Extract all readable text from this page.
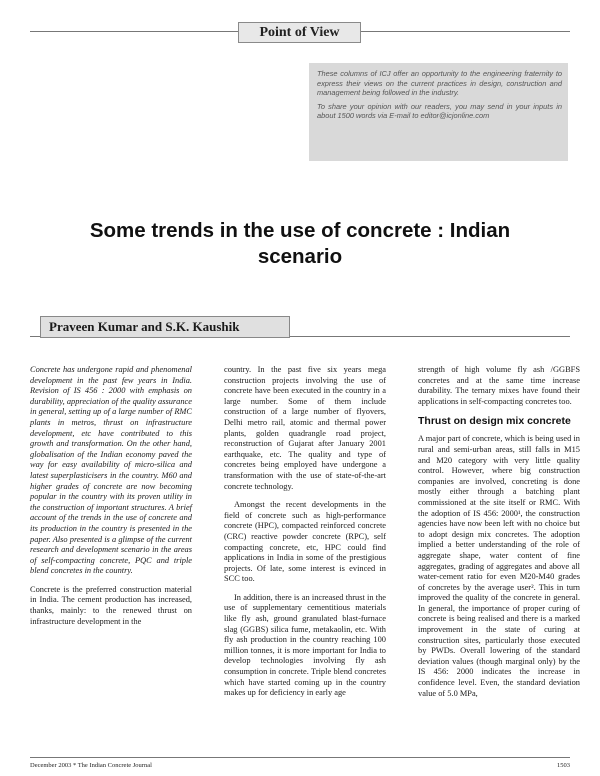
Point of View

These columns of ICJ offer an opportunity to the engineering fraternity to express their views on the current practices in design, construction and management being followed in the industry.

To share your opinion with our readers, you may send in your inputs in about 1500 words via E-mail to editor@icjonline.com

Some trends in the use of concrete : Indian scenario
Praveen Kumar and S.K. Kaushik

Concrete has undergone rapid and phenomenal development in the past few years in India. Revision of IS 456 : 2000 with emphasis on durability, appreciation of the quality assurance in general, setting up of a large number of RMC plants in metros, thrust on infrastructure development, etc have contributed to this growth and transformation. On the other hand, globalisation of the Indian economy paved the way for easy availability of micro-silica and latest superplasticisers in the country. M60 and higher grades of concrete are now becoming popular in the country with its proven utility in the construction of important structures. A brief account of the trends in the use of concrete and its production in the country is presented in the paper. Also presented is a glimpse of the current research and development scenario in the areas of self-compacting concrete, PQC and triple blend concretes in the country.

Concrete is the preferred construction material in India. The cement production has increased, thanks, mainly: to the renewed thrust on infrastructure development in the

country. In the past five six years mega construction projects involving the use of concrete have been executed in the country in a large number. Some of them include construction of a large number of flyovers, Delhi metro rail, atomic and thermal power plants, golden quadrangle road project, reconstruction of Gujarat after January 2001 earthquake, etc. The quality and type of concretes being employed have undergone a transformation with the use of state-of-the-art concrete technology.

Amongst the recent developments in the field of concrete such as high-performance concrete (HPC), compacted reinforced concrete (CRC) reactive powder concrete (RPC), self compacting concrete, etc, HPC could find applications in India in some of the prestigious projects. Of late, some interest is evinced in SCC too.

In addition, there is an increased thrust in the use of supplementary cementitious materials like fly ash, ground granulated blast-furnace slag (GGBS) silica fume, metakaolin, etc. With fly ash production in the country reaching 100 million tonnes, it is more important for India to develop technologies involving fly ash consumption in concrete. Triple blend concretes which have started coming up in the country makes up for deficiency in early age

strength of high volume fly ash /GGBFS concretes and at the same time increase durability. The ternary mixes have found their applications in self-compacting concretes too.

Thrust on design mix concrete

A major part of concrete, which is being used in rural and semi-urban areas, still falls in M15 and M20 category with very little quality control. However, where big construction companies are involved, concreting is done mostly either through a batching plant commissioned at the site itself or RMC. With the adoption of IS 456: 2000¹, the construction agencies have now been left with no choice but to adopt design mix concretes. The adoption implied a better understanding of the role of aggregate shape, water content of fine aggregates, grading of aggregates and above all water-cement ratio for even M20-M40 grades of concretes by the average user². This in turn improved the quality of the concrete in general. In general, the importance of proper curing of concrete is being realised and there is a marked improvement in the state of curing at construction sites, particularly those executed by PWDs. Overall lowering of the standard deviation values (though marginal only) by the IS 456: 2000 indicates the increase in confidence level. Even, the standard deviation value of 5.0 MPa,

December 2003 * The Indian Concrete Journal	1503
